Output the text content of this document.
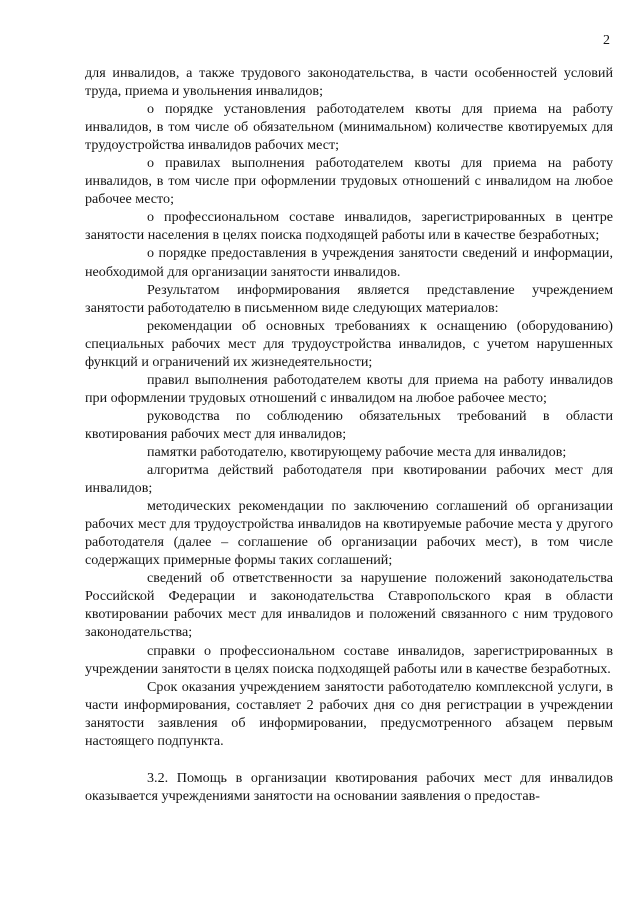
2

для инвалидов, а также трудового законодательства, в части особенностей условий труда, приема и увольнения инвалидов;

о порядке установления работодателем квоты для приема на работу инвалидов, в том числе об обязательном (минимальном) количестве квотируемых для трудоустройства инвалидов рабочих мест;

о правилах выполнения работодателем квоты для приема на работу инвалидов, в том числе при оформлении трудовых отношений с инвалидом на любое рабочее место;

о профессиональном составе инвалидов, зарегистрированных в центре занятости населения в целях поиска подходящей работы или в качестве безработных;

о порядке предоставления в учреждения занятости сведений и информации, необходимой для организации занятости инвалидов.

Результатом информирования является представление учреждением занятости работодателю в письменном виде следующих материалов:

рекомендации об основных требованиях к оснащению (оборудованию) специальных рабочих мест для трудоустройства инвалидов, с учетом нарушенных функций и ограничений их жизнедеятельности;

правил выполнения работодателем квоты для приема на работу инвалидов при оформлении трудовых отношений с инвалидом на любое рабочее место;

руководства по соблюдению обязательных требований в области квотирования рабочих мест для инвалидов;

памятки работодателю, квотирующему рабочие места для инвалидов;

алгоритма действий работодателя при квотировании рабочих мест для инвалидов;

методических рекомендации по заключению соглашений об организации рабочих мест для трудоустройства инвалидов на квотируемые рабочие места у другого работодателя (далее – соглашение об организации рабочих мест), в том числе содержащих примерные формы таких соглашений;

сведений об ответственности за нарушение положений законодательства Российской Федерации и законодательства Ставропольского края в области квотировании рабочих мест для инвалидов и положений связанного с ним трудового законодательства;

справки о профессиональном составе инвалидов, зарегистрированных в учреждении занятости в целях поиска подходящей работы или в качестве безработных.

Срок оказания учреждением занятости работодателю комплексной услуги, в части информирования, составляет 2 рабочих дня со дня регистрации в учреждении занятости заявления об информировании, предусмотренного абзацем первым настоящего подпункта.

3.2. Помощь в организации квотирования рабочих мест для инвалидов оказывается учреждениями занятости на основании заявления о предостав-
